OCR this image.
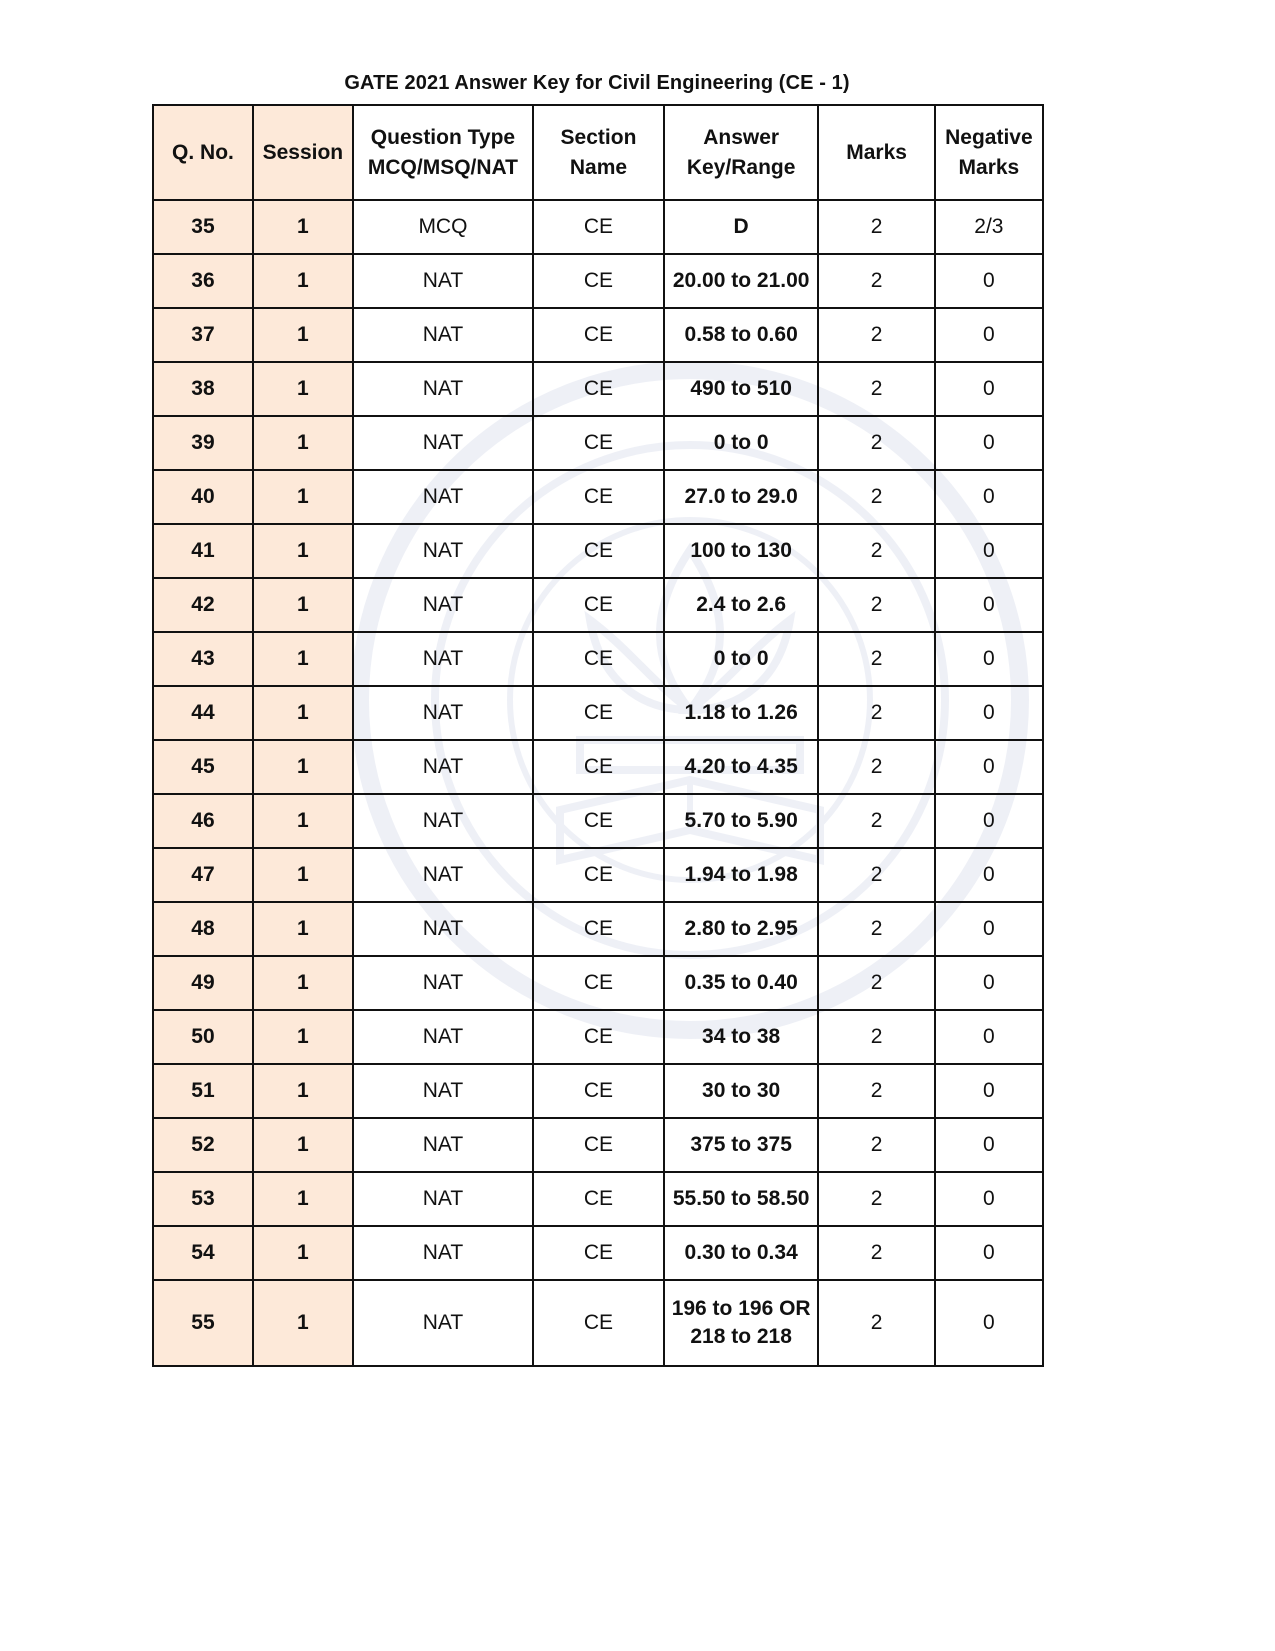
GATE 2021 Answer Key for Civil Engineering (CE - 1)
Q. No.	Session	Question Type MCQ/MSQ/NAT	Section Name	Answer Key/Range	Marks	Negative Marks
35	1	MCQ	CE	D	2	2/3
36	1	NAT	CE	20.00 to 21.00	2	0
37	1	NAT	CE	0.58 to 0.60	2	0
38	1	NAT	CE	490 to 510	2	0
39	1	NAT	CE	0 to 0	2	0
40	1	NAT	CE	27.0 to 29.0	2	0
41	1	NAT	CE	100 to 130	2	0
42	1	NAT	CE	2.4 to 2.6	2	0
43	1	NAT	CE	0 to 0	2	0
44	1	NAT	CE	1.18 to 1.26	2	0
45	1	NAT	CE	4.20 to 4.35	2	0
46	1	NAT	CE	5.70 to 5.90	2	0
47	1	NAT	CE	1.94 to 1.98	2	0
48	1	NAT	CE	2.80 to 2.95	2	0
49	1	NAT	CE	0.35 to 0.40	2	0
50	1	NAT	CE	34 to 38	2	0
51	1	NAT	CE	30 to 30	2	0
52	1	NAT	CE	375 to 375	2	0
53	1	NAT	CE	55.50 to 58.50	2	0
54	1	NAT	CE	0.30 to 0.34	2	0
55	1	NAT	CE	196 to 196 OR 218 to 218	2	0
